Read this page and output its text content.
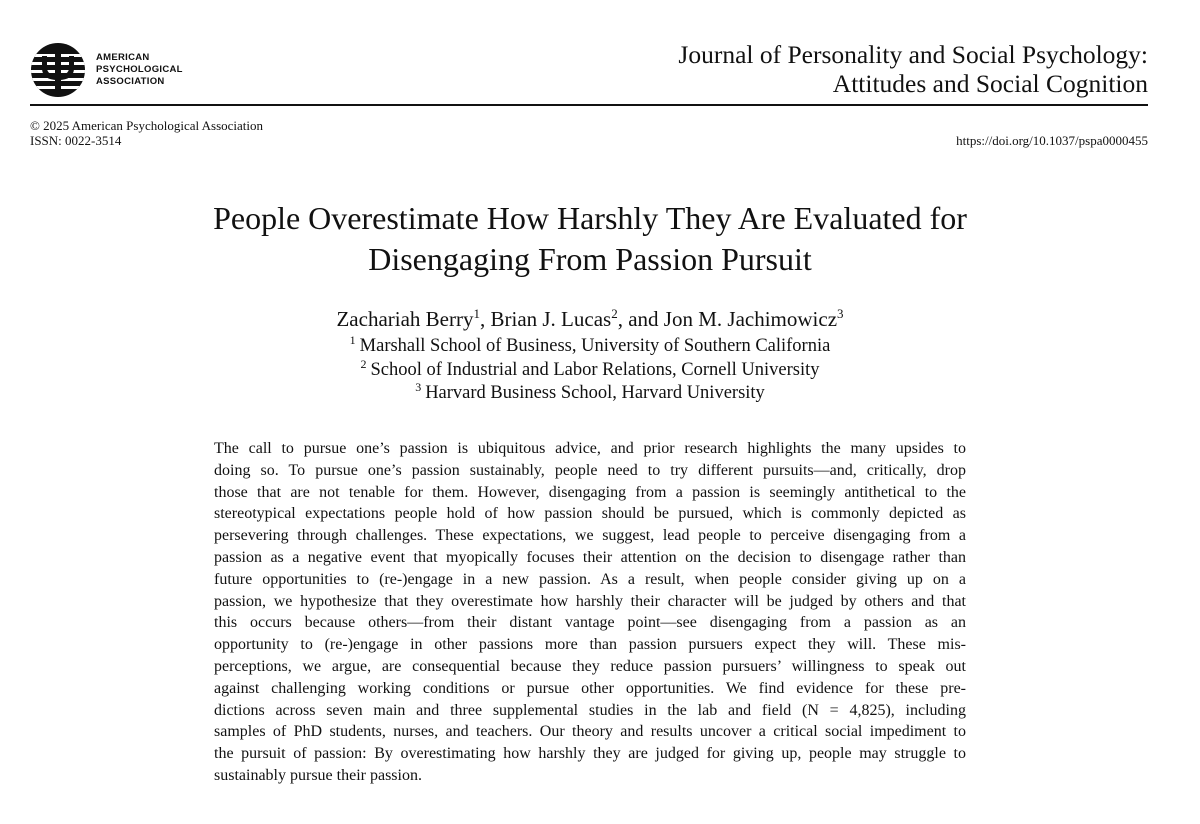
AMERICAN
PSYCHOLOGICAL
ASSOCIATION
Journal of Personality and Social Psychology:
Attitudes and Social Cognition
© 2025 American Psychological Association
ISSN: 0022-3514	https://doi.org/10.1037/pspa0000455
People Overestimate How Harshly They Are Evaluated for
Disengaging From Passion Pursuit
Zachariah Berry$^1$, Brian J. Lucas$^2$, and Jon M. Jachimowicz$^3$
$^1$ Marshall School of Business, University of Southern California
$^2$ School of Industrial and Labor Relations, Cornell University
$^3$ Harvard Business School, Harvard University
The call to pursue one’s passion is ubiquitous advice, and prior research highlights the many upsides to
doing so. To pursue one’s passion sustainably, people need to try different pursuits—and, critically, drop
those that are not tenable for them. However, disengaging from a passion is seemingly antithetical to the
stereotypical expectations people hold of how passion should be pursued, which is commonly depicted as
persevering through challenges. These expectations, we suggest, lead people to perceive disengaging from a
passion as a negative event that myopically focuses their attention on the decision to disengage rather than
future opportunities to (re-)engage in a new passion. As a result, when people consider giving up on a
passion, we hypothesize that they overestimate how harshly their character will be judged by others and that
this occurs because others—from their distant vantage point—see disengaging from a passion as an
opportunity to (re-)engage in other passions more than passion pursuers expect they will. These mis-
perceptions, we argue, are consequential because they reduce passion pursuers’ willingness to speak out
against challenging working conditions or pursue other opportunities. We find evidence for these pre-
dictions across seven main and three supplemental studies in the lab and field (N = 4,825), including
samples of PhD students, nurses, and teachers. Our theory and results uncover a critical social impediment to
the pursuit of passion: By overestimating how harshly they are judged for giving up, people may struggle to
sustainably pursue their passion.
